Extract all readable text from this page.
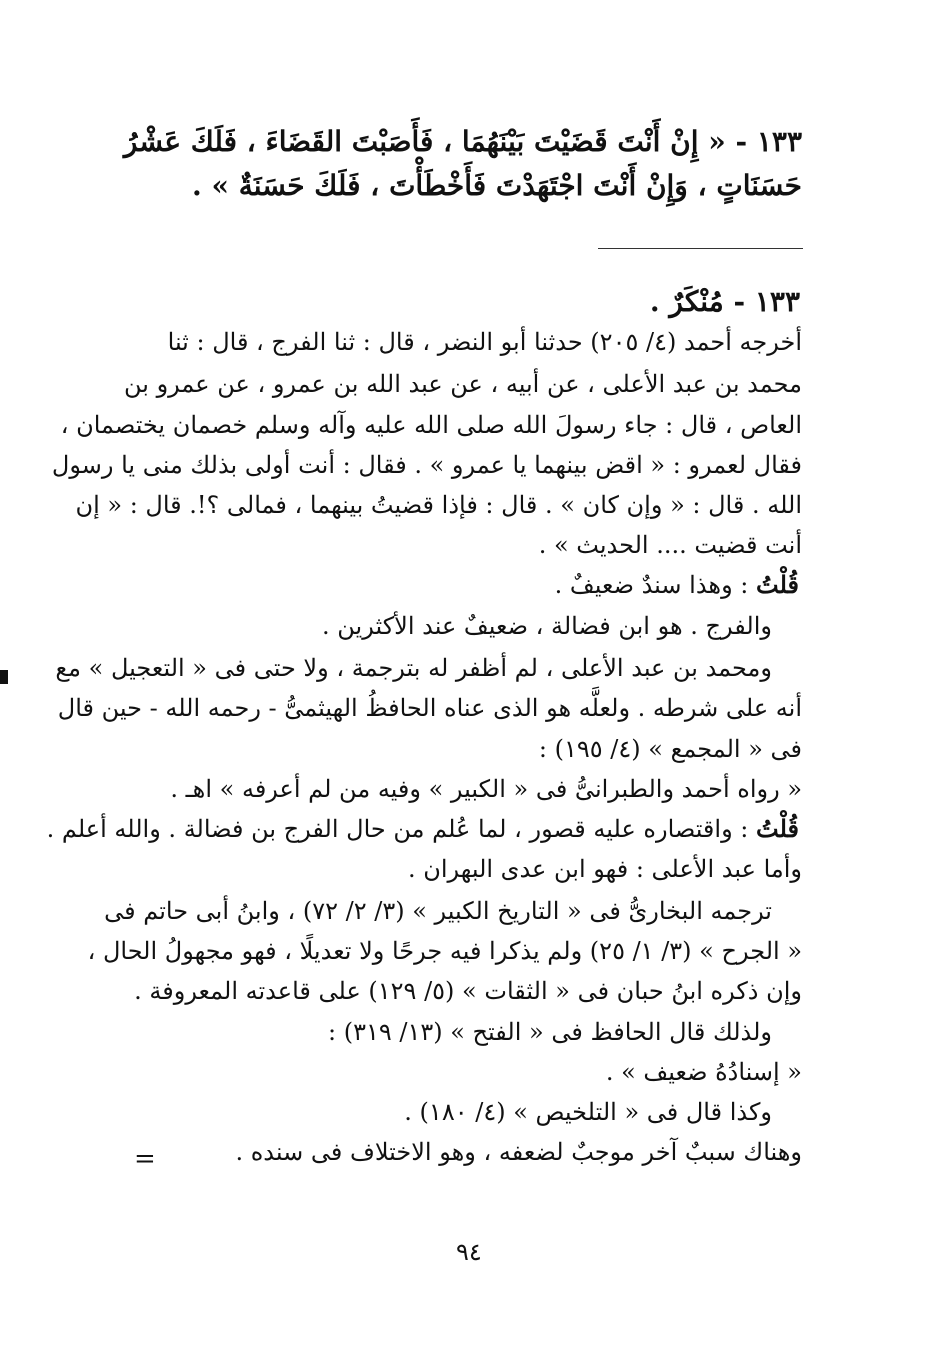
١٣٣ - « إِنْ أَنْتَ قَضَيْتَ بَيْنَهُمَا ، فَأَصَبْتَ القَضَاءَ ، فَلَكَ عَشْرُ
حَسَنَاتٍ ، وَإِنْ أَنْتَ اجْتَهَدْتَ فَأَخْطَأْتَ ، فَلَكَ حَسَنَةٌ » .
١٣٣ - مُنْكَرٌ .
أخرجه أحمد (٤/ ٢٠٥) حدثنا أبو النضر ، قال : ثنا الفرج ، قال : ثنا
محمد بن عبد الأعلى ، عن أبيه ، عن عبد الله بن عمرو ، عن عمرو بن
العاص ، قال : جاء رسولَ الله صلى الله عليه وآله وسلم خصمان يختصمان ،
فقال لعمرو : « اقض بينهما يا عمرو » . فقال : أنت أولى بذلك منى يا رسول
الله . قال : « وإن كان » . قال : فإذا قضيتُ بينهما ، فمالى ؟!. قال : « إن
أنت قضيت .... الحديث » .
قُلْتُ : وهذا سندٌ ضعيفٌ .
والفرج . هو ابن فضالة ، ضعيفٌ عند الأكثرين .
ومحمد بن عبد الأعلى ، لم أظفر له بترجمة ، ولا حتى فى « التعجيل » مع
أنه على شرطه . ولعلَّه هو الذى عناه الحافظُ الهيثمىُّ - رحمه الله - حين قال
فى « المجمع » (٤/ ١٩٥) :
« رواه أحمد والطبرانىُّ فى « الكبير » وفيه من لم أعرفه » اهـ .
قُلْتُ : واقتصاره عليه قصور ، لما عُلم من حال الفرج بن فضالة . والله أعلم .
وأما عبد الأعلى : فهو ابن عدى البهران .
ترجمه البخارىُّ فى « التاريخ الكبير » (٣/ ٢/ ٧٢) ، وابنُ أبى حاتم فى
« الجرح » (٣/ ١/ ٢٥) ولم يذكرا فيه جرحًا ولا تعديلًا ، فهو مجهولُ الحال ،
وإن ذكره ابنُ حبان فى « الثقات » (٥/ ١٢٩) على قاعدته المعروفة .
ولذلك قال الحافظ فى « الفتح » (١٣/ ٣١٩) :
« إسنادُهُ ضعيف » .
وكذا قال فى « التلخيص » (٤/ ١٨٠) .
وهناك سببٌ آخر موجبٌ لضعفه ، وهو الاختلاف فى سنده .
=
٩٤
